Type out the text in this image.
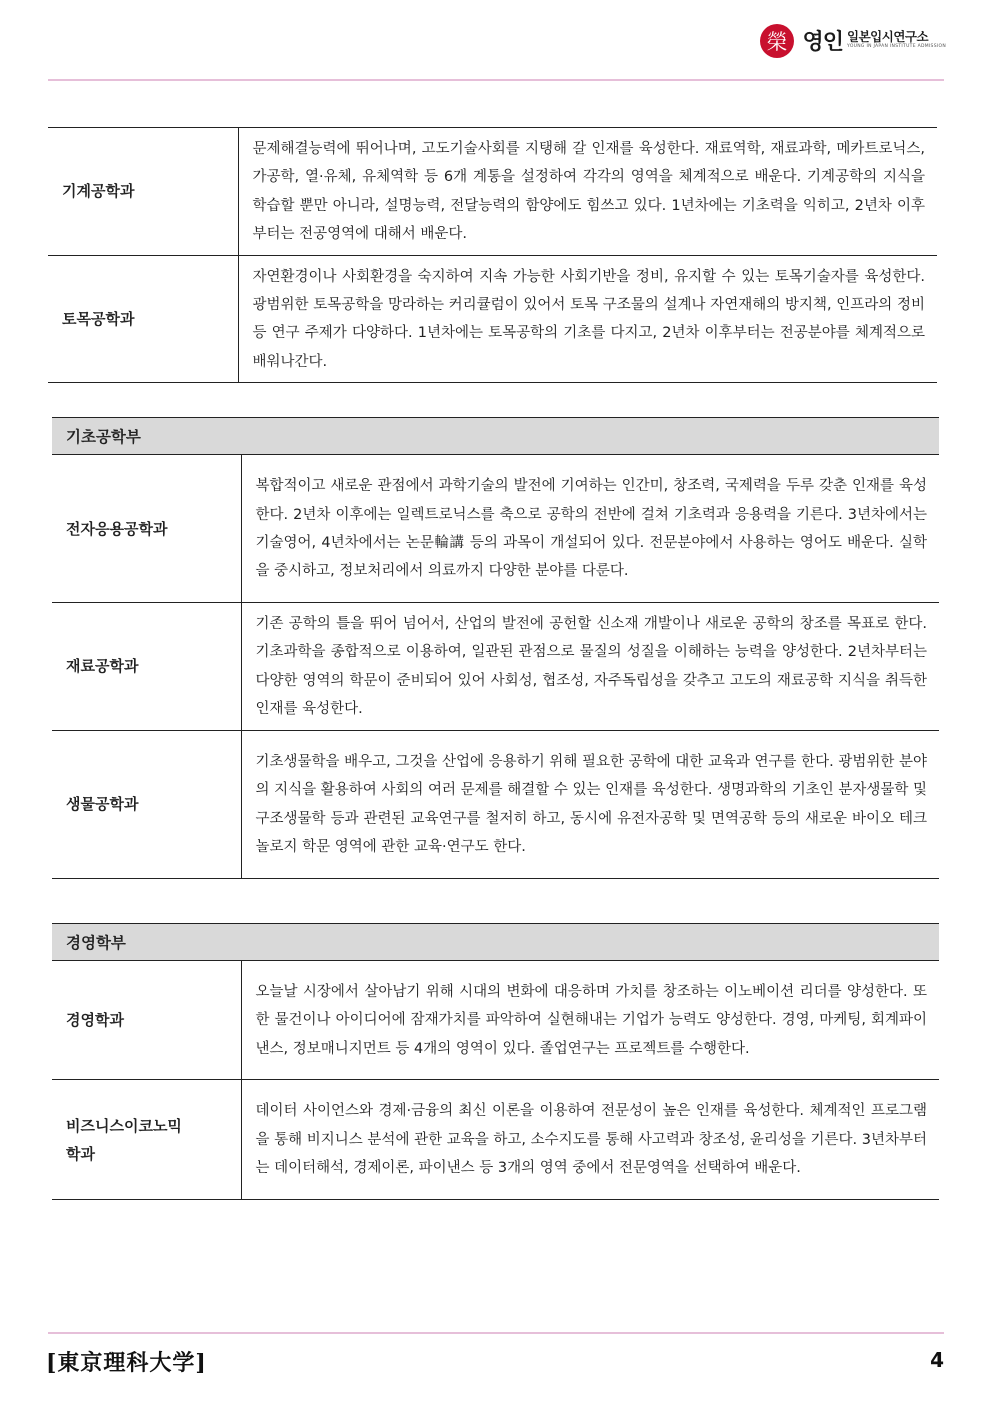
榮 영인 일본입시연구소
YOUNG IN JAPAN INSTITUTE ADMISSION
기계공학과	문제해결능력에 뛰어나며, 고도기술사회를 지탱해 갈 인재를 육성한다. 재료역학, 재료과학, 메카트로닉스, 가공학, 열·유체, 유체역학 등 6개 계통을 설정하여 각각의 영역을 체계적으로 배운다. 기계공학의 지식을 학습할 뿐만 아니라, 설명능력, 전달능력의 함양에도 힘쓰고 있다. 1년차에는 기초력을 익히고, 2년차 이후부터는 전공영역에 대해서 배운다.
토목공학과	자연환경이나 사회환경을 숙지하여 지속 가능한 사회기반을 정비, 유지할 수 있는 토목기술자를 육성한다. 광범위한 토목공학을 망라하는 커리큘럼이 있어서 토목 구조물의 설계나 자연재해의 방지책, 인프라의 정비 등 연구 주제가 다양하다. 1년차에는 토목공학의 기초를 다지고, 2년차 이후부터는 전공분야를 체계적으로 배워나간다.
기초공학부	
전자응용공학과	복합적이고 새로운 관점에서 과학기술의 발전에 기여하는 인간미, 창조력, 국제력을 두루 갖춘 인재를 육성한다. 2년차 이후에는 일렉트로닉스를 축으로 공학의 전반에 걸쳐 기초력과 응용력을 기른다. 3년차에서는 기술영어, 4년차에서는 논문輪講 등의 과목이 개설되어 있다. 전문분야에서 사용하는 영어도 배운다. 실학을 중시하고, 정보처리에서 의료까지 다양한 분야를 다룬다.
재료공학과	기존 공학의 틀을 뛰어 넘어서, 산업의 발전에 공헌할 신소재 개발이나 새로운 공학의 창조를 목표로 한다. 기초과학을 종합적으로 이용하여, 일관된 관점으로 물질의 성질을 이해하는 능력을 양성한다. 2년차부터는 다양한 영역의 학문이 준비되어 있어 사회성, 협조성, 자주독립성을 갖추고 고도의 재료공학 지식을 취득한 인재를 육성한다.
생물공학과	기초생물학을 배우고, 그것을 산업에 응용하기 위해 필요한 공학에 대한 교육과 연구를 한다. 광범위한 분야의 지식을 활용하여 사회의 여러 문제를 해결할 수 있는 인재를 육성한다. 생명과학의 기초인 분자생물학 및 구조생물학 등과 관련된 교육연구를 철저히 하고, 동시에 유전자공학 및 면역공학 등의 새로운 바이오 테크놀로지 학문 영역에 관한 교육·연구도 한다.
경영학부	
경영학과	오늘날 시장에서 살아남기 위해 시대의 변화에 대응하며 가치를 창조하는 이노베이션 리더를 양성한다. 또한 물건이나 아이디어에 잠재가치를 파악하여 실현해내는 기업가 능력도 양성한다. 경영, 마케팅, 회계파이낸스, 정보매니지먼트 등 4개의 영역이 있다. 졸업연구는 프로젝트를 수행한다.
비즈니스이코노믹
학과	데이터 사이언스와 경제·금융의 최신 이론을 이용하여 전문성이 높은 인재를 육성한다. 체계적인 프로그램을 통해 비지니스 분석에 관한 교육을 하고, 소수지도를 통해 사고력과 창조성, 윤리성을 기른다. 3년차부터는 데이터해석, 경제이론, 파이낸스 등 3개의 영역 중에서 전문영역을 선택하여 배운다.
[東京理科大学]	4
